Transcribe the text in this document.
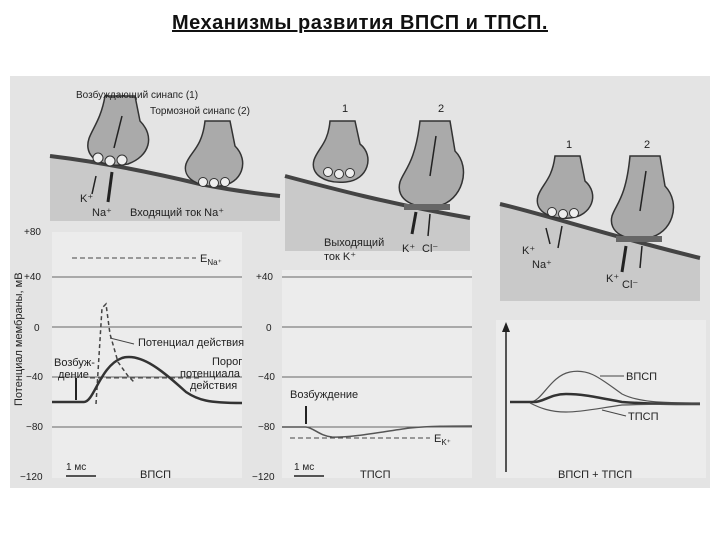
Механизмы развития ВПСП и ТПСП.
Возбуждающий синапс (1)
Тормозной синапс (2)
K⁺
Na⁺ Входящий ток Na⁺
1	2
Выходящий
ток K⁺
K⁺ Cl⁻
1	2
K⁺
Na⁺
K⁺ Cl⁻
Потенциал мембраны, мВ
+80
+40
0
−40
−80
−120
$E_{Na^+}$
Потенциал действия
Возбуж-
дение
Порог
потенциала
действия
1 мс
ВПСП
+40
0
−40
−80
−120
$E_{K^+}$
Возбуждение
1 мс
ТПСП
ВПСП
ТПСП
ВПСП + ТПСП
